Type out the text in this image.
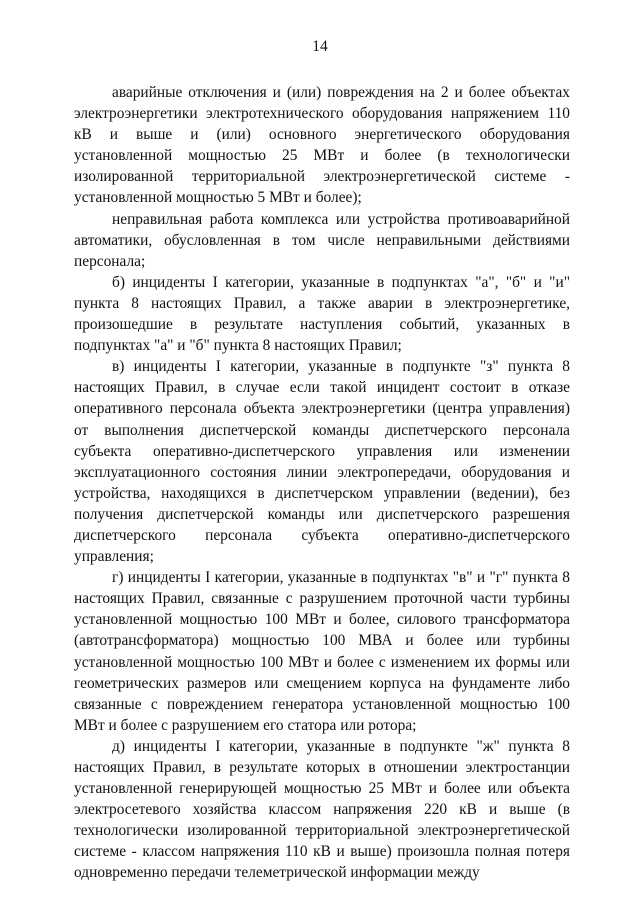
14

аварийные отключения и (или) повреждения на 2 и более объектах электроэнергетики электротехнического оборудования напряжением 110 кВ и выше и (или) основного энергетического оборудования установленной мощностью 25 МВт и более (в технологически изолированной территориальной электроэнергетической системе - установленной мощностью 5 МВт и более);

неправильная работа комплекса или устройства противоаварийной автоматики, обусловленная в том числе неправильными действиями персонала;

б) инциденты I категории, указанные в подпунктах "а", "б" и "и" пункта 8 настоящих Правил, а также аварии в электроэнергетике, произошедшие в результате наступления событий, указанных в подпунктах "а" и "б" пункта 8 настоящих Правил;

в) инциденты I категории, указанные в подпункте "з" пункта 8 настоящих Правил, в случае если такой инцидент состоит в отказе оперативного персонала объекта электроэнергетики (центра управления) от выполнения диспетчерской команды диспетчерского персонала субъекта оперативно-диспетчерского управления или изменении эксплуатационного состояния линии электропередачи, оборудования и устройства, находящихся в диспетчерском управлении (ведении), без получения диспетчерской команды или диспетчерского разрешения диспетчерского персонала субъекта оперативно-диспетчерского управления;

г) инциденты I категории, указанные в подпунктах "в" и "г" пункта 8 настоящих Правил, связанные с разрушением проточной части турбины установленной мощностью 100 МВт и более, силового трансформатора (автотрансформатора) мощностью 100 МВА и более или турбины установленной мощностью 100 МВт и более с изменением их формы или геометрических размеров или смещением корпуса на фундаменте либо связанные с повреждением генератора установленной мощностью 100 МВт и более с разрушением его статора или ротора;

д) инциденты I категории, указанные в подпункте "ж" пункта 8 настоящих Правил, в результате которых в отношении электростанции установленной генерирующей мощностью 25 МВт и более или объекта электросетевого хозяйства классом напряжения 220 кВ и выше (в технологически изолированной территориальной электроэнергетической системе - классом напряжения 110 кВ и выше) произошла полная потеря одновременно передачи телеметрической информации между
